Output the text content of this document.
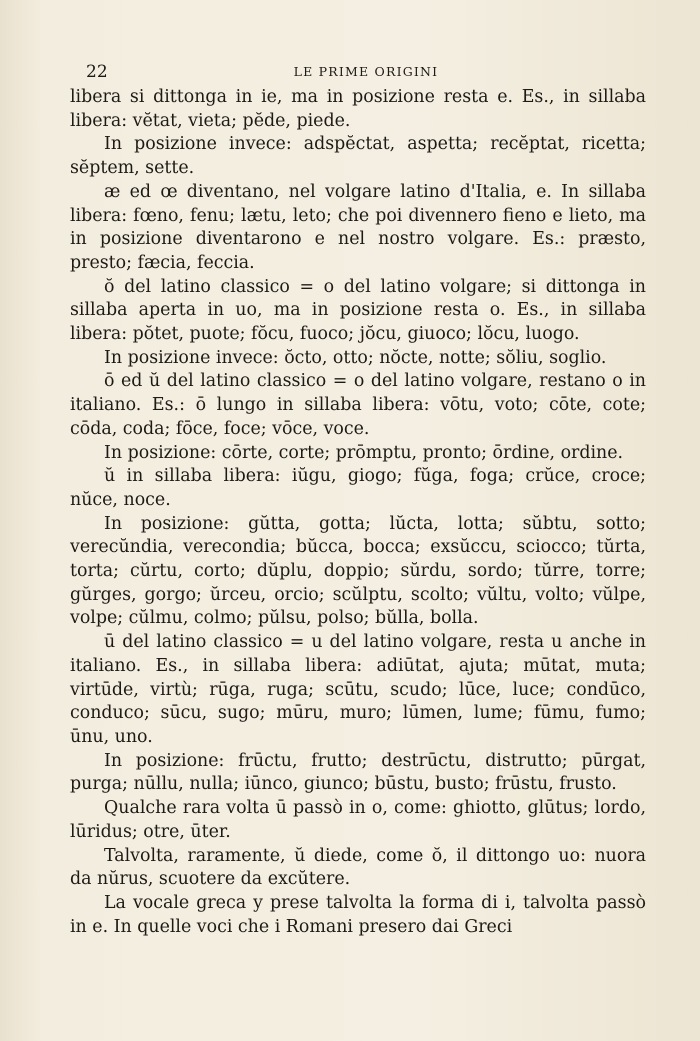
22	LE PRIME ORIGINI

libera si dittonga in ie, ma in posizione resta e. Es., in sillaba libera: vĕtat, vieta; pĕde, piede.

In posizione invece: adspĕctat, aspetta; recĕptat, ricetta; sĕptem, sette.

æ ed œ diventano, nel volgare latino d'Italia, e. In sillaba libera: fœno, fenu; lætu, leto; che poi divennero fieno e lieto, ma in posizione diventarono e nel nostro volgare. Es.: præsto, presto; fæcia, feccia.

ŏ del latino classico = o del latino volgare; si dittonga in sillaba aperta in uo, ma in posizione resta o. Es., in sillaba libera: pŏtet, puote; fŏcu, fuoco; jŏcu, giuoco; lŏcu, luogo.

In posizione invece: ŏcto, otto; nŏcte, notte; sŏliu, soglio.

ō ed ŭ del latino classico = o del latino volgare, restano o in italiano. Es.: ō lungo in sillaba libera: vōtu, voto; cōte, cote; cōda, coda; fōce, foce; vōce, voce.

In posizione: cōrte, corte; prōmptu, pronto; ōrdine, ordine.

ŭ in sillaba libera: iŭgu, giogo; fŭga, foga; crŭce, croce; nŭce, noce.

In posizione: gŭtta, gotta; lŭcta, lotta; sŭbtu, sotto; verecŭndia, verecondia; bŭcca, bocca; exsŭccu, sciocco; tŭrta, torta; cŭrtu, corto; dŭplu, doppio; sŭrdu, sordo; tŭrre, torre; gŭrges, gorgo; ŭrceu, orcio; scŭlptu, scolto; vŭltu, volto; vŭlpe, volpe; cŭlmu, colmo; pŭlsu, polso; bŭlla, bolla.

ū del latino classico = u del latino volgare, resta u anche in italiano. Es., in sillaba libera: adiūtat, ajuta; mūtat, muta; virtūde, virtù; rūga, ruga; scūtu, scudo; lūce, luce; condūco, conduco; sūcu, sugo; mūru, muro; lūmen, lume; fūmu, fumo; ūnu, uno.

In posizione: frūctu, frutto; destrūctu, distrutto; pūrgat, purga; nūllu, nulla; iūnco, giunco; būstu, busto; frūstu, frusto.

Qualche rara volta ū passò in o, come: ghiotto, glūtus; lordo, lūridus; otre, ūter.

Talvolta, raramente, ŭ diede, come ŏ, il dittongo uo: nuora da nŭrus, scuotere da excŭtere.

La vocale greca y prese talvolta la forma di i, talvolta passò in e. In quelle voci che i Romani presero dai Greci
